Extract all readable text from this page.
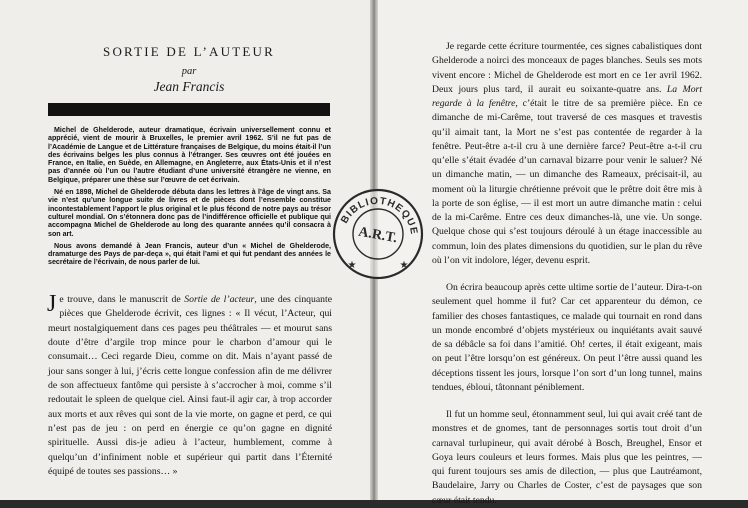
SORTIE DE L’AUTEUR
par
Jean Francis

Michel de Ghelderode, auteur dramatique, écrivain universellement connu et apprécié, vient de mourir à Bruxelles, le premier avril 1962. S’il ne fut pas de l’Académie de Langue et de Littérature françaises de Belgique, du moins était-il l’un des écrivains belges les plus connus à l’étranger. Ses œuvres ont été jouées en France, en Italie, en Suède, en Allemagne, en Angleterre, aux États-Unis et il n’est pas d’année où l’un ou l’autre étudiant d’une université étrangère ne vienne, en Belgique, préparer une thèse sur l’œuvre de cet écrivain.

Né en 1898, Michel de Ghelderode débuta dans les lettres à l’âge de vingt ans. Sa vie n’est qu’une longue suite de livres et de pièces dont l’ensemble constitue incontestablement l’apport le plus original et le plus fécond de notre pays au trésor culturel mondial. On s’étonnera donc pas de l’indifférence officielle et publique qui accompagna Michel de Ghelderode au long des quarante années qu’il consacra à son art.

Nous avons demandé à Jean Francis, auteur d’un « Michel de Ghelderode, dramaturge des Pays de par-deça », qui était l’ami et qui fut pendant des années le secrétaire de l’écrivain, de nous parler de lui.

Je trouve, dans le manuscrit de Sortie de l’acteur, une des cinquante pièces que Ghelderode écrivit, ces lignes : « Il vécut, l’Acteur, qui meurt nostalgiquement dans ces pages peu théâtrales — et mourut sans doute d’être d’argile trop mince pour le charbon d’amour qui le consumait… Ceci regarde Dieu, comme on dit. Mais n’ayant passé de jour sans songer à lui, j’écris cette longue confession afin de me délivrer de son affectueux fantôme qui persiste à s’accrocher à moi, comme s’il redoutait le spleen de quelque ciel. Ainsi faut-il agir car, à trop accorder aux morts et aux rêves qui sont de la vie morte, on gagne et perd, ce qui n’est pas de jeu : on perd en énergie ce qu’on gagne en dignité spirituelle. Aussi dis-je adieu à l’acteur, humblement, comme à quelqu’un d’infiniment noble et supérieur qui partit dans l’Éternité équipé de toutes ses passions… »

Je regarde cette écriture tourmentée, ces signes cabalistiques dont Ghelderode a noirci des monceaux de pages blanches. Seuls ses mots vivent encore : Michel de Ghelderode est mort en ce 1er avril 1962. Deux jours plus tard, il aurait eu soixante-quatre ans. La Mort regarde à la fenêtre, c’était le titre de sa première pièce. En ce dimanche de mi-Carême, tout traversé de ces masques et travestis qu’il aimait tant, la Mort ne s’est pas contentée de regarder à la fenêtre. Peut-être a-t-il cru à une dernière farce? Peut-être a-t-il cru qu’elle s’était évadée d’un carnaval bizarre pour venir le saluer? Né un dimanche matin, — un dimanche des Rameaux, précisait-il, au moment où la liturgie chrétienne prévoit que le prêtre doit être mis à la porte de son église, — il est mort un autre dimanche matin : celui de la mi-Carême. Entre ces deux dimanches-là, une vie. Un songe. Quelque chose qui s’est toujours déroulé à un étage inaccessible au commun, loin des plates dimensions du quotidien, sur le plan du rêve où l’on vit indolore, léger, devenu esprit.

On écrira beaucoup après cette ultime sortie de l’auteur. Dira-t-on seulement quel homme il fut? Car cet apparenteur du démon, ce familier des choses fantastiques, ce malade qui tournait en rond dans un monde encombré d’objets mystérieux ou inquiétants avait sauvé de sa débâcle sa foi dans l’amitié. Oh! certes, il était exigeant, mais on peut l’être lorsqu’on est généreux. On peut l’être aussi quand les déceptions tissent les jours, lorsque l’on sort d’un long tunnel, mains tendues, ébloui, tâtonnant péniblement.

Il fut un homme seul, étonnamment seul, lui qui avait créé tant de monstres et de gnomes, tant de personnages sortis tout droit d’un carnaval turlupineur, qui avait dérobé à Bosch, Breughel, Ensor et Goya leurs couleurs et leurs formes. Mais plus que les peintres, — qui furent toujours ses amis de dilection, — plus que Lautréamont, Baudelaire, Jarry ou Charles de Coster, c’est de paysages que son cœur était tendu.

BIBLIOTHEQUE
A.R.T.
★	★
